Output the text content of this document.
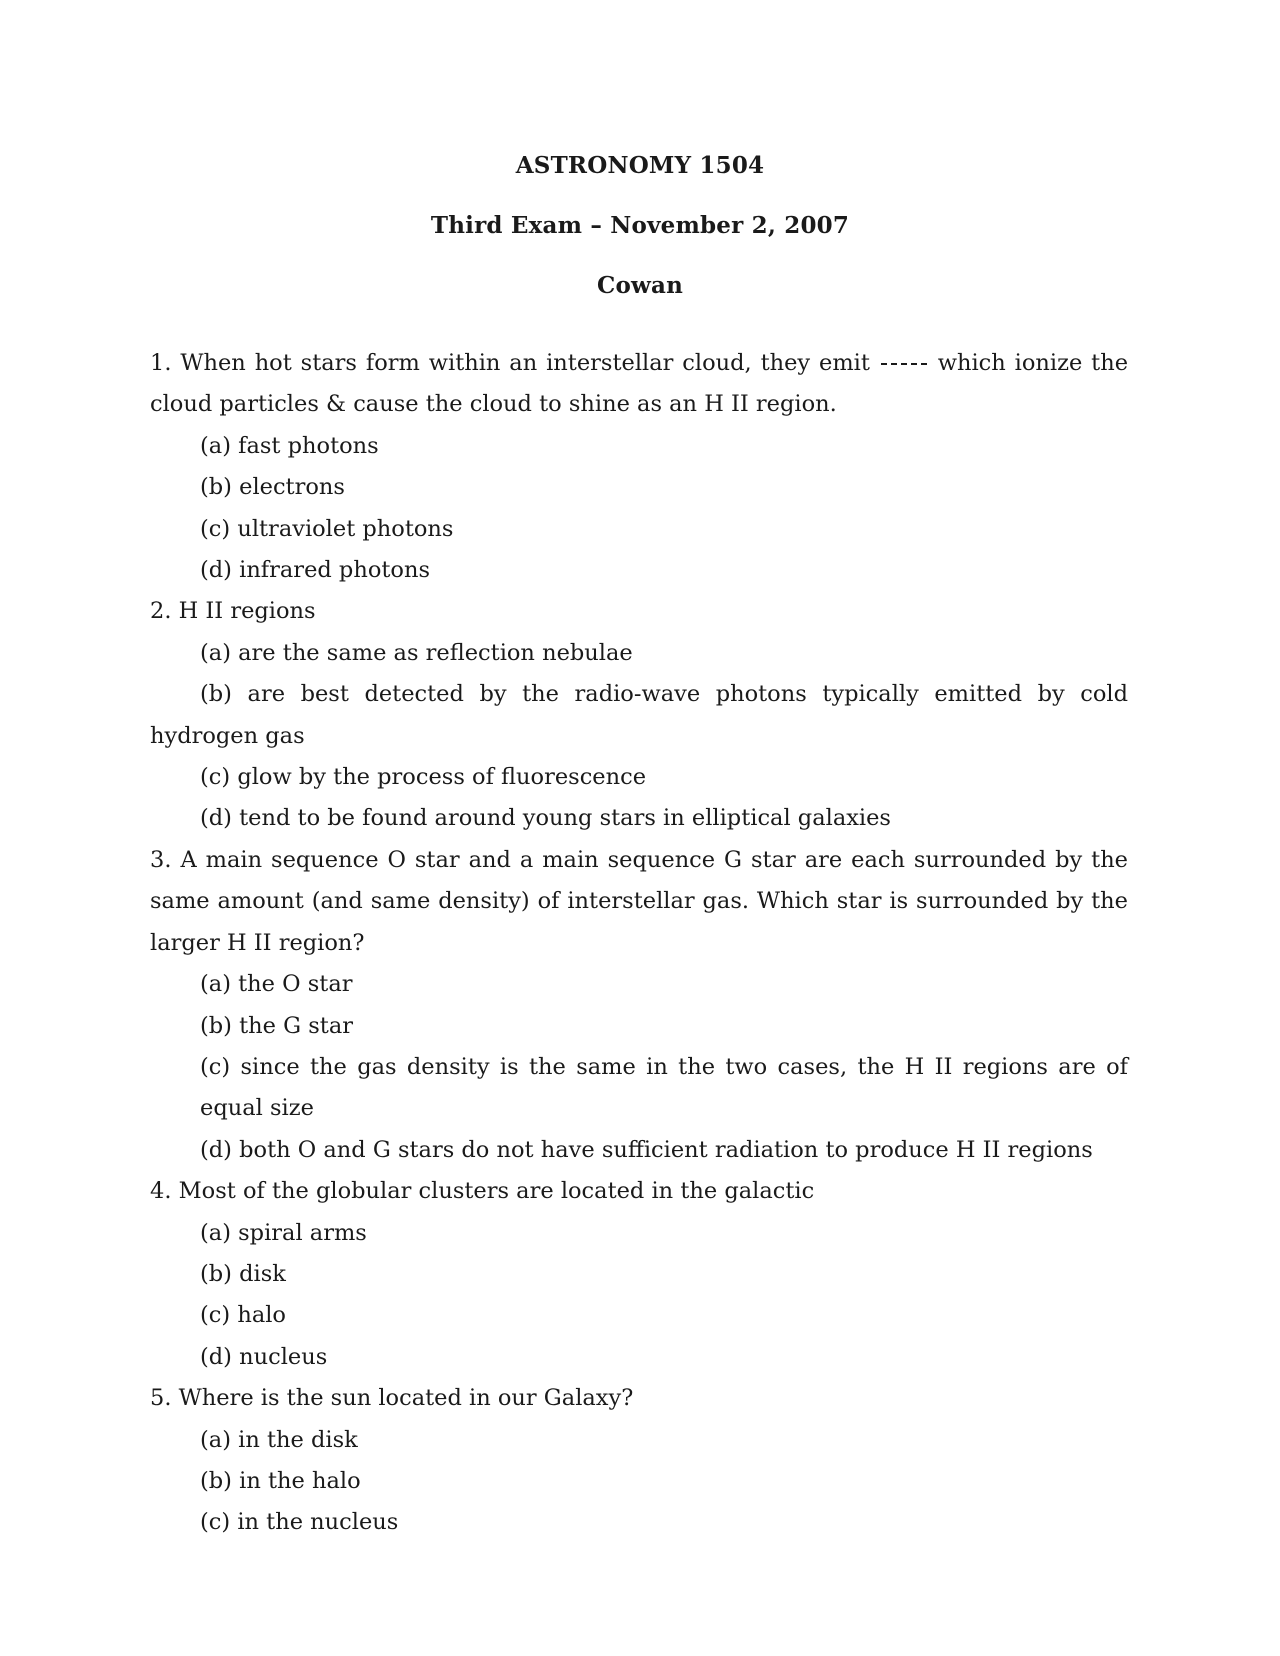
ASTRONOMY 1504
Third Exam – November 2, 2007
Cowan
1. When hot stars form within an interstellar cloud, they emit	which ionize the cloud particles & cause the cloud to shine as an H II region.
(a) fast photons
(b) electrons
(c) ultraviolet photons
(d) infrared photons
2. H II regions
(a) are the same as reflection nebulae
(b) are best detected by the radio-wave photons typically emitted by cold hydrogen gas
(c) glow by the process of fluorescence
(d) tend to be found around young stars in elliptical galaxies
3. A main sequence O star and a main sequence G star are each surrounded by the same amount (and same density) of interstellar gas. Which star is surrounded by the larger H II region?
(a) the O star
(b) the G star
(c) since the gas density is the same in the two cases, the H II regions are of equal size
(d) both O and G stars do not have sufficient radiation to produce H II regions
4. Most of the globular clusters are located in the galactic
(a) spiral arms
(b) disk
(c) halo
(d) nucleus
5. Where is the sun located in our Galaxy?
(a) in the disk
(b) in the halo
(c) in the nucleus
